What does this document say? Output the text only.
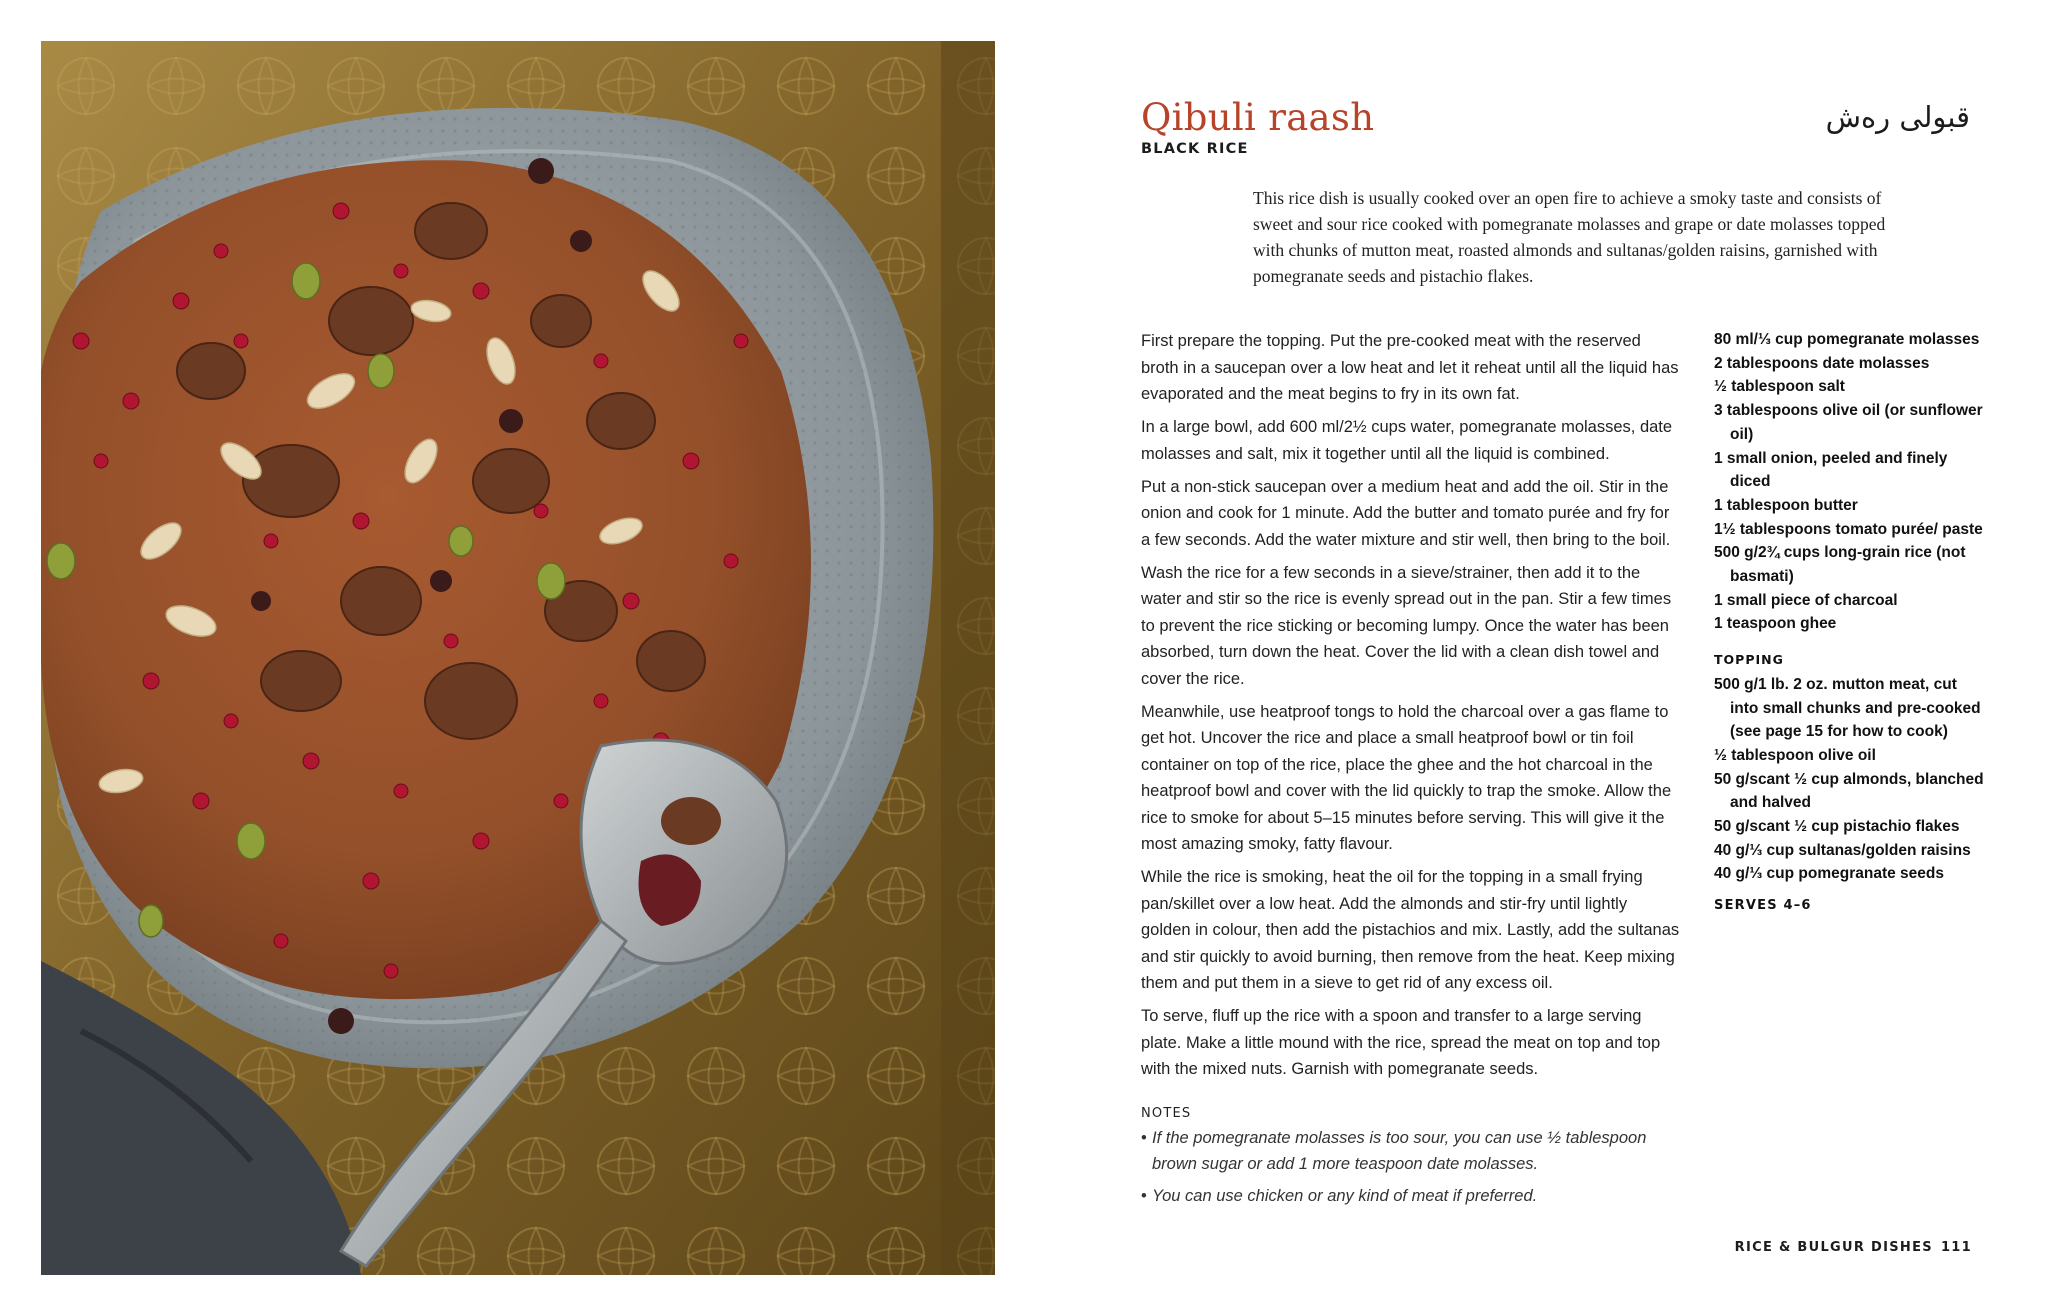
Qibuli raash	قبولی رەش
BLACK RICE

This rice dish is usually cooked over an open fire to achieve a smoky taste and consists of sweet and sour rice cooked with pomegranate molasses and grape or date molasses topped with chunks of mutton meat, roasted almonds and sultanas/golden raisins, garnished with pomegranate seeds and pistachio flakes.

First prepare the topping. Put the pre-cooked meat with the reserved broth in a saucepan over a low heat and let it reheat until all the liquid has evaporated and the meat begins to fry in its own fat.

In a large bowl, add 600 ml/2½ cups water, pomegranate molasses, date molasses and salt, mix it together until all the liquid is combined.

Put a non-stick saucepan over a medium heat and add the oil. Stir in the onion and cook for 1 minute. Add the butter and tomato purée and fry for a few seconds. Add the water mixture and stir well, then bring to the boil.

Wash the rice for a few seconds in a sieve/strainer, then add it to the water and stir so the rice is evenly spread out in the pan. Stir a few times to prevent the rice sticking or becoming lumpy. Once the water has been absorbed, turn down the heat. Cover the lid with a clean dish towel and cover the rice.

Meanwhile, use heatproof tongs to hold the charcoal over a gas flame to get hot. Uncover the rice and place a small heatproof bowl or tin foil container on top of the rice, place the ghee and the hot charcoal in the heatproof bowl and cover with the lid quickly to trap the smoke. Allow the rice to smoke for about 5–15 minutes before serving. This will give it the most amazing smoky, fatty flavour.

While the rice is smoking, heat the oil for the topping in a small frying pan/skillet over a low heat. Add the almonds and stir-fry until lightly golden in colour, then add the pistachios and mix. Lastly, add the sultanas and stir quickly to avoid burning, then remove from the heat. Keep mixing them and put them in a sieve to get rid of any excess oil.

To serve, fluff up the rice with a spoon and transfer to a large serving plate. Make a little mound with the rice, spread the meat on top and top with the mixed nuts. Garnish with pomegranate seeds.

NOTES
• If the pomegranate molasses is too sour, you can use ½ tablespoon brown sugar or add 1 more teaspoon date molasses.
• You can use chicken or any kind of meat if preferred.
80 ml/⅓ cup pomegranate molasses
2 tablespoons date molasses
½ tablespoon salt
3 tablespoons olive oil (or sunflower oil)
1 small onion, peeled and finely diced
1 tablespoon butter
1½ tablespoons tomato purée/ paste
500 g/2¾ cups long-grain rice (not basmati)
1 small piece of charcoal
1 teaspoon ghee
TOPPING
500 g/1 lb. 2 oz. mutton meat, cut into small chunks and pre-cooked (see page 15 for how to cook)
½ tablespoon olive oil
50 g/scant ½ cup almonds, blanched and halved
50 g/scant ½ cup pistachio flakes
40 g/⅓ cup sultanas/golden raisins
40 g/⅓ cup pomegranate seeds
SERVES 4–6
RICE & BULGUR DISHES 111
